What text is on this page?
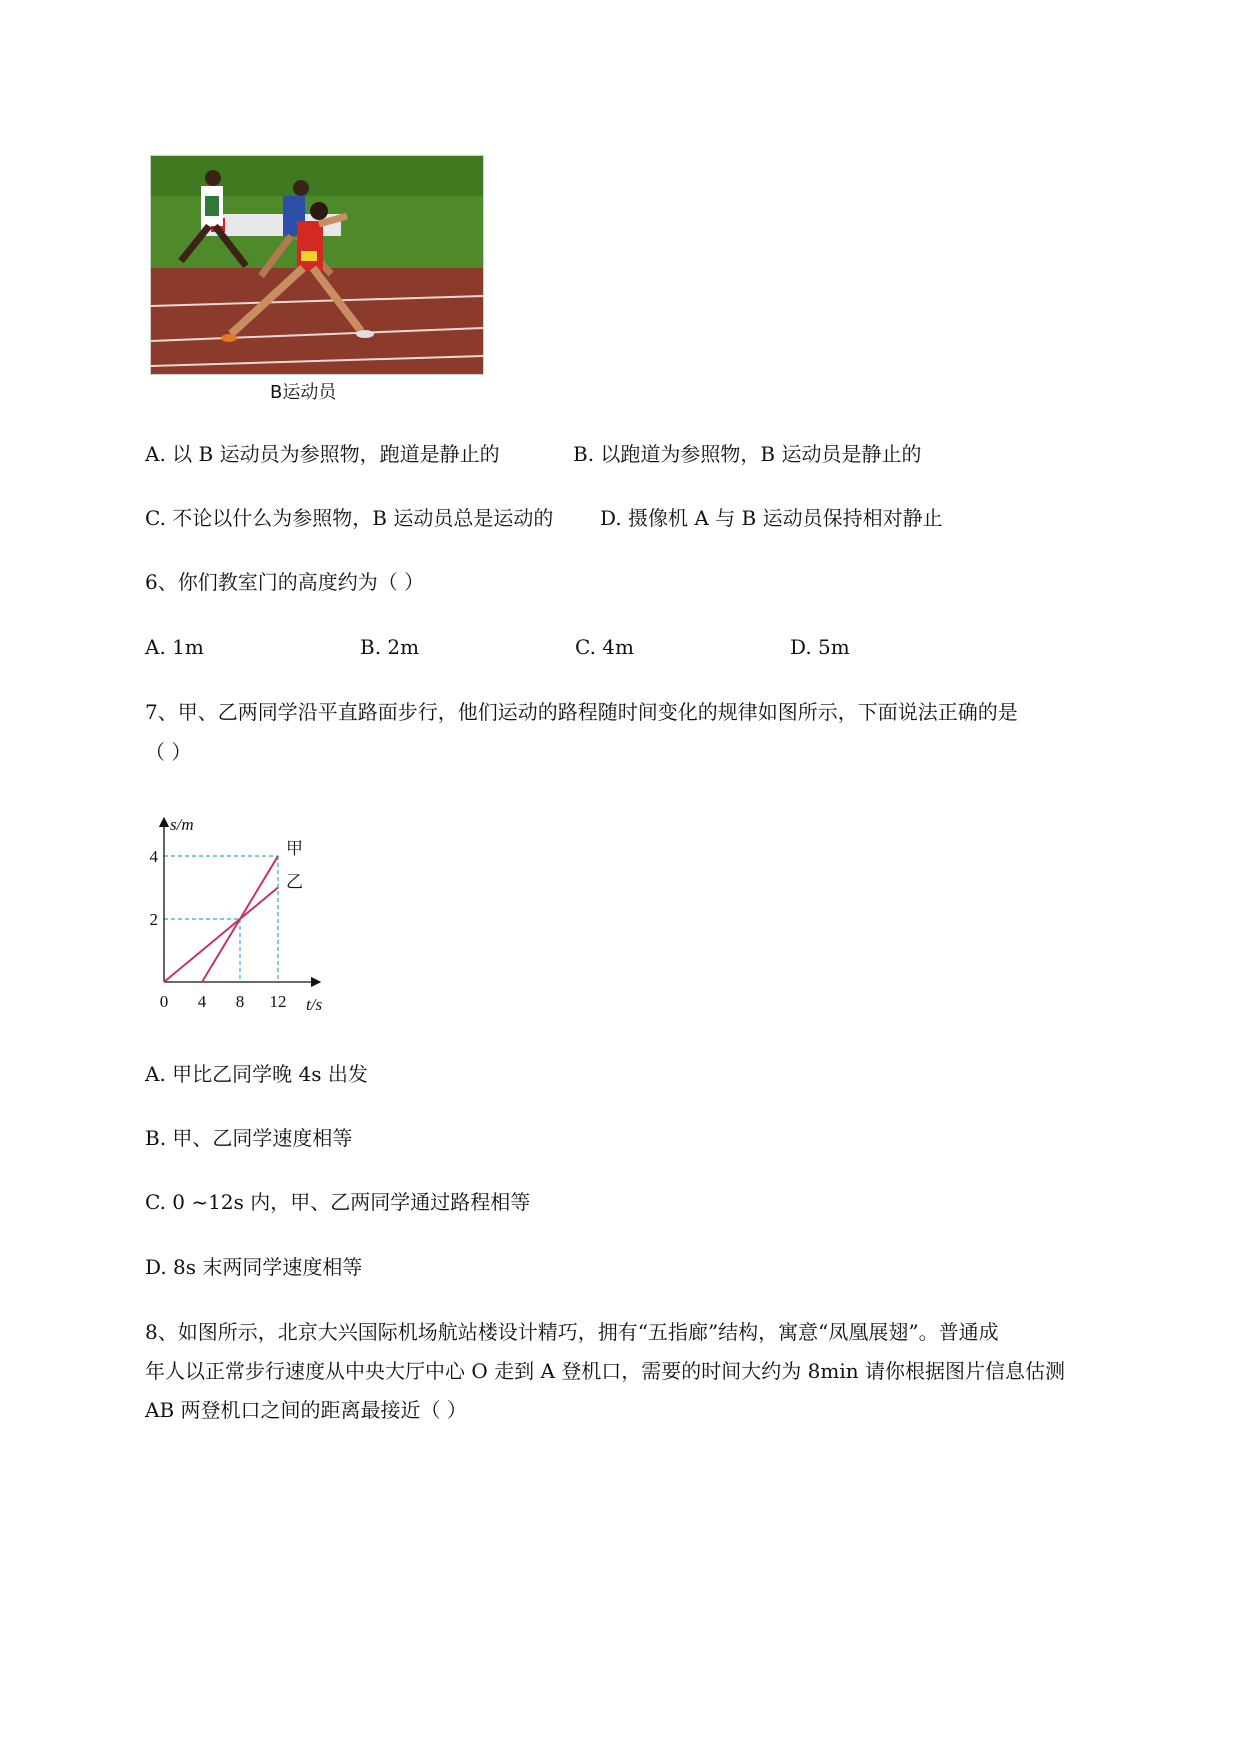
B运动员
A. 以 B 运动员为参照物，跑道是静止的	B. 以跑道为参照物，B 运动员是静止的
C. 不论以什么为参照物，B 运动员总是运动的 D. 摄像机 A 与 B 运动员保持相对静止
6、你们教室门的高度约为（ ）
A. 1m	B. 2m	C. 4m	D. 5m
7、甲、乙两同学沿平直路面步行，他们运动的路程随时间变化的规律如图所示，下面说法正确的是
（ ）
0 4 8 12
2
4
s/m
t/s
甲
乙
A. 甲比乙同学晚 4s 出发
B. 甲、乙同学速度相等
C. 0 ~12s 内，甲、乙两同学通过路程相等
D. 8s 末两同学速度相等
8、如图所示，北京大兴国际机场航站楼设计精巧，拥有“五指廊”结构，寓意“凤凰展翅”。普通成
年人以正常步行速度从中央大厅中心 O 走到 A 登机口，需要的时间大约为 8min 请你根据图片信息估测
AB 两登机口之间的距离最接近（ ）
